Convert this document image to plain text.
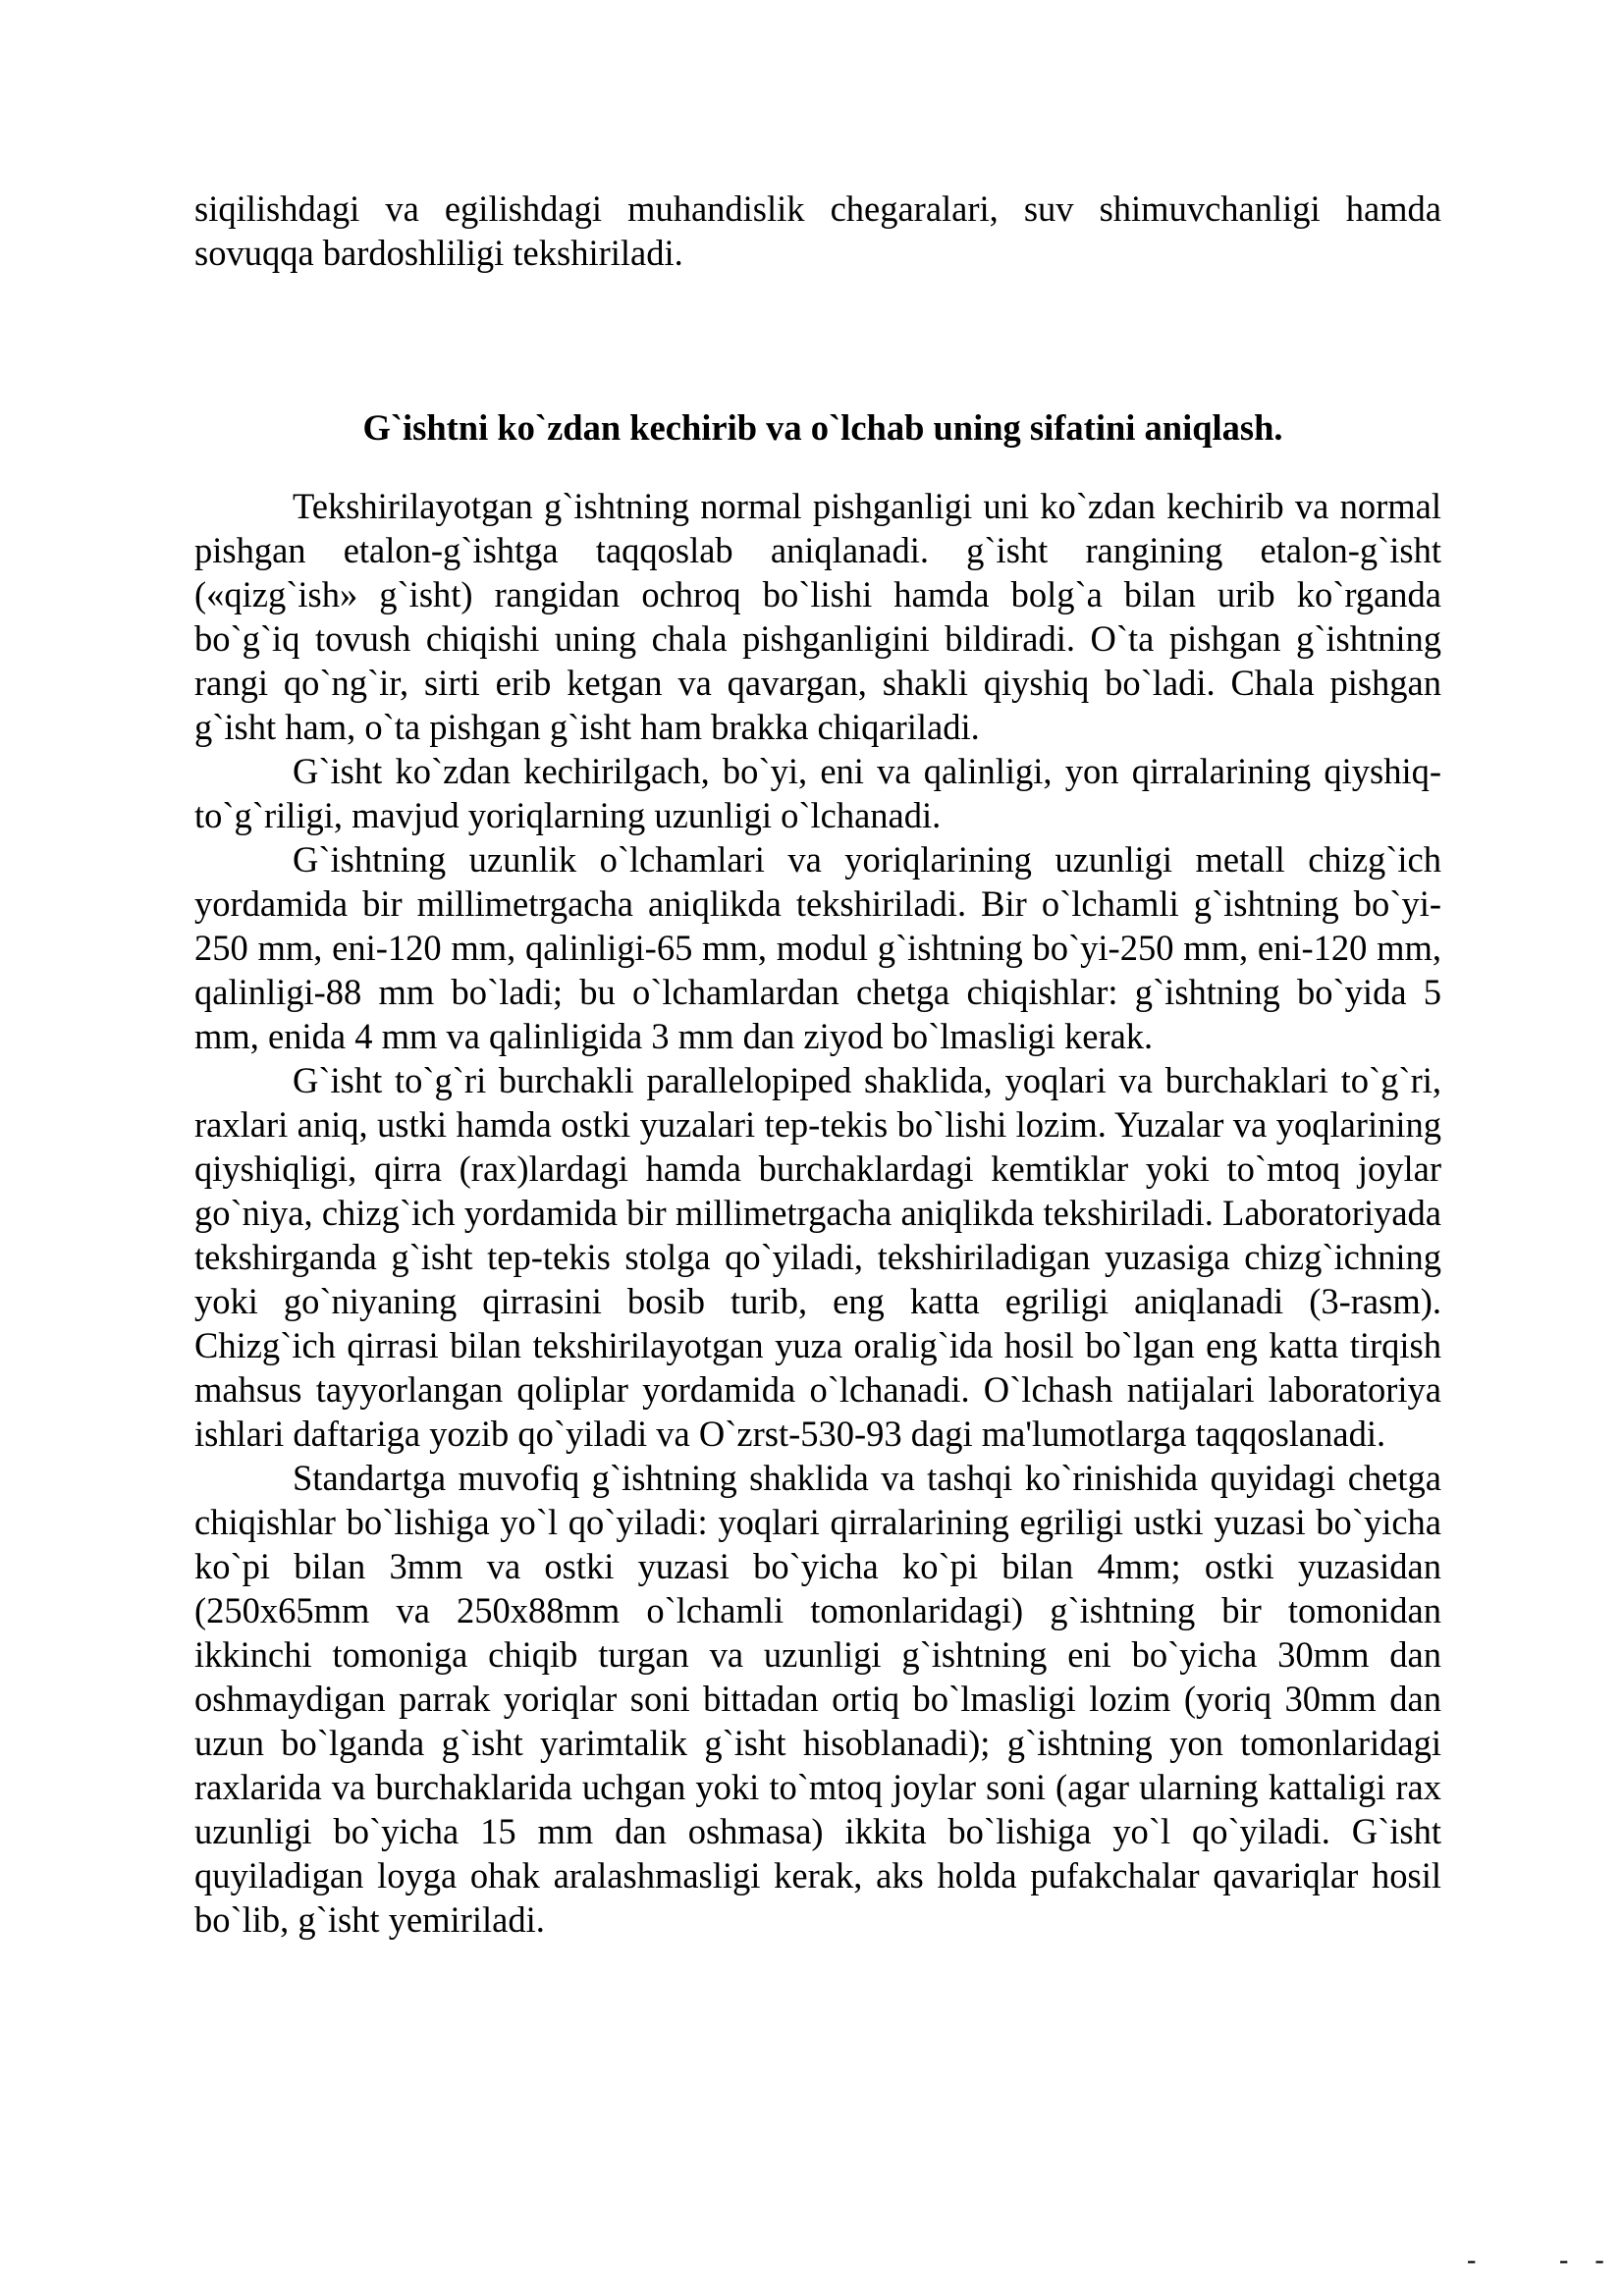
siqilishdagi va egilishdagi muhandislik chegaralari, suv shimuvchanligi hamda sovuqqa bardoshliligi tekshiriladi.

G`ishtni ko`zdan kechirib va o`lchab uning sifatini aniqlash.

Tekshirilayotgan g`ishtning normal pishganligi uni ko`zdan kechirib va normal pishgan etalon-g`ishtga taqqoslab aniqlanadi. g`isht rangining etalon-g`isht («qizg`ish» g`isht) rangidan ochroq bo`lishi hamda bolg`a bilan urib ko`rganda bo`g`iq tovush chiqishi uning chala pishganligini bildiradi. O`ta pishgan g`ishtning rangi qo`ng`ir, sirti erib ketgan va qavargan, shakli qiyshiq bo`ladi. Chala pishgan g`isht ham, o`ta pishgan g`isht ham brakka chiqariladi.

G`isht ko`zdan kechirilgach, bo`yi, eni va qalinligi, yon qirralarining qiyshiq-to`g`riligi, mavjud yoriqlarning uzunligi o`lchanadi.

G`ishtning uzunlik o`lchamlari va yoriqlarining uzunligi metall chizg`ich yordamida bir millimetrgacha aniqlikda tekshiriladi. Bir o`lchamli g`ishtning bo`yi-250 mm, eni-120 mm, qalinligi-65 mm, modul g`ishtning bo`yi-250 mm, eni-120 mm, qalinligi-88 mm bo`ladi; bu o`lchamlardan chetga chiqishlar: g`ishtning bo`yida 5 mm, enida 4 mm va qalinligida 3 mm dan ziyod bo`lmasligi kerak.

G`isht to`g`ri burchakli parallelopiped shaklida, yoqlari va burchaklari to`g`ri, raxlari aniq, ustki hamda ostki yuzalari tep-tekis bo`lishi lozim. Yuzalar va yoqlarining qiyshiqligi, qirra (rax)lardagi hamda burchaklardagi kemtiklar yoki to`mtoq joylar go`niya, chizg`ich yordamida bir millimetrgacha aniqlikda tekshiriladi. Laboratoriyada tekshirganda g`isht tep-tekis stolga qo`yiladi, tekshiriladigan yuzasiga chizg`ichning yoki go`niyaning qirrasini bosib turib, eng katta egriligi aniqlanadi (3-rasm). Chizg`ich qirrasi bilan tekshirilayotgan yuza oralig`ida hosil bo`lgan eng katta tirqish mahsus tayyorlangan qoliplar yordamida o`lchanadi. O`lchash natijalari laboratoriya ishlari daftariga yozib qo`yiladi va O`zrst-530-93 dagi ma'lumotlarga taqqoslanadi.

Standartga muvofiq g`ishtning shaklida va tashqi ko`rinishida quyidagi chetga chiqishlar bo`lishiga yo`l qo`yiladi: yoqlari qirralarining egriligi ustki yuzasi bo`yicha ko`pi bilan 3mm va ostki yuzasi bo`yicha ko`pi bilan 4mm; ostki yuzasidan (250x65mm va 250x88mm o`lchamli tomonlaridagi) g`ishtning bir tomonidan ikkinchi tomoniga chiqib turgan va uzunligi g`ishtning eni bo`yicha 30mm dan oshmaydigan parrak yoriqlar soni bittadan ortiq bo`lmasligi lozim (yoriq 30mm dan uzun bo`lganda g`isht yarimtalik g`isht hisoblanadi); g`ishtning yon tomonlaridagi raxlarida va burchaklarida uchgan yoki to`mtoq joylar soni (agar ularning kattaligi rax uzunligi bo`yicha 15 mm dan oshmasa) ikkita bo`lishiga yo`l qo`yiladi. G`isht quyiladigan loyga ohak aralashmasligi kerak, aks holda pufakchalar qavariqlar hosil bo`lib, g`isht yemiriladi.

-	- -
